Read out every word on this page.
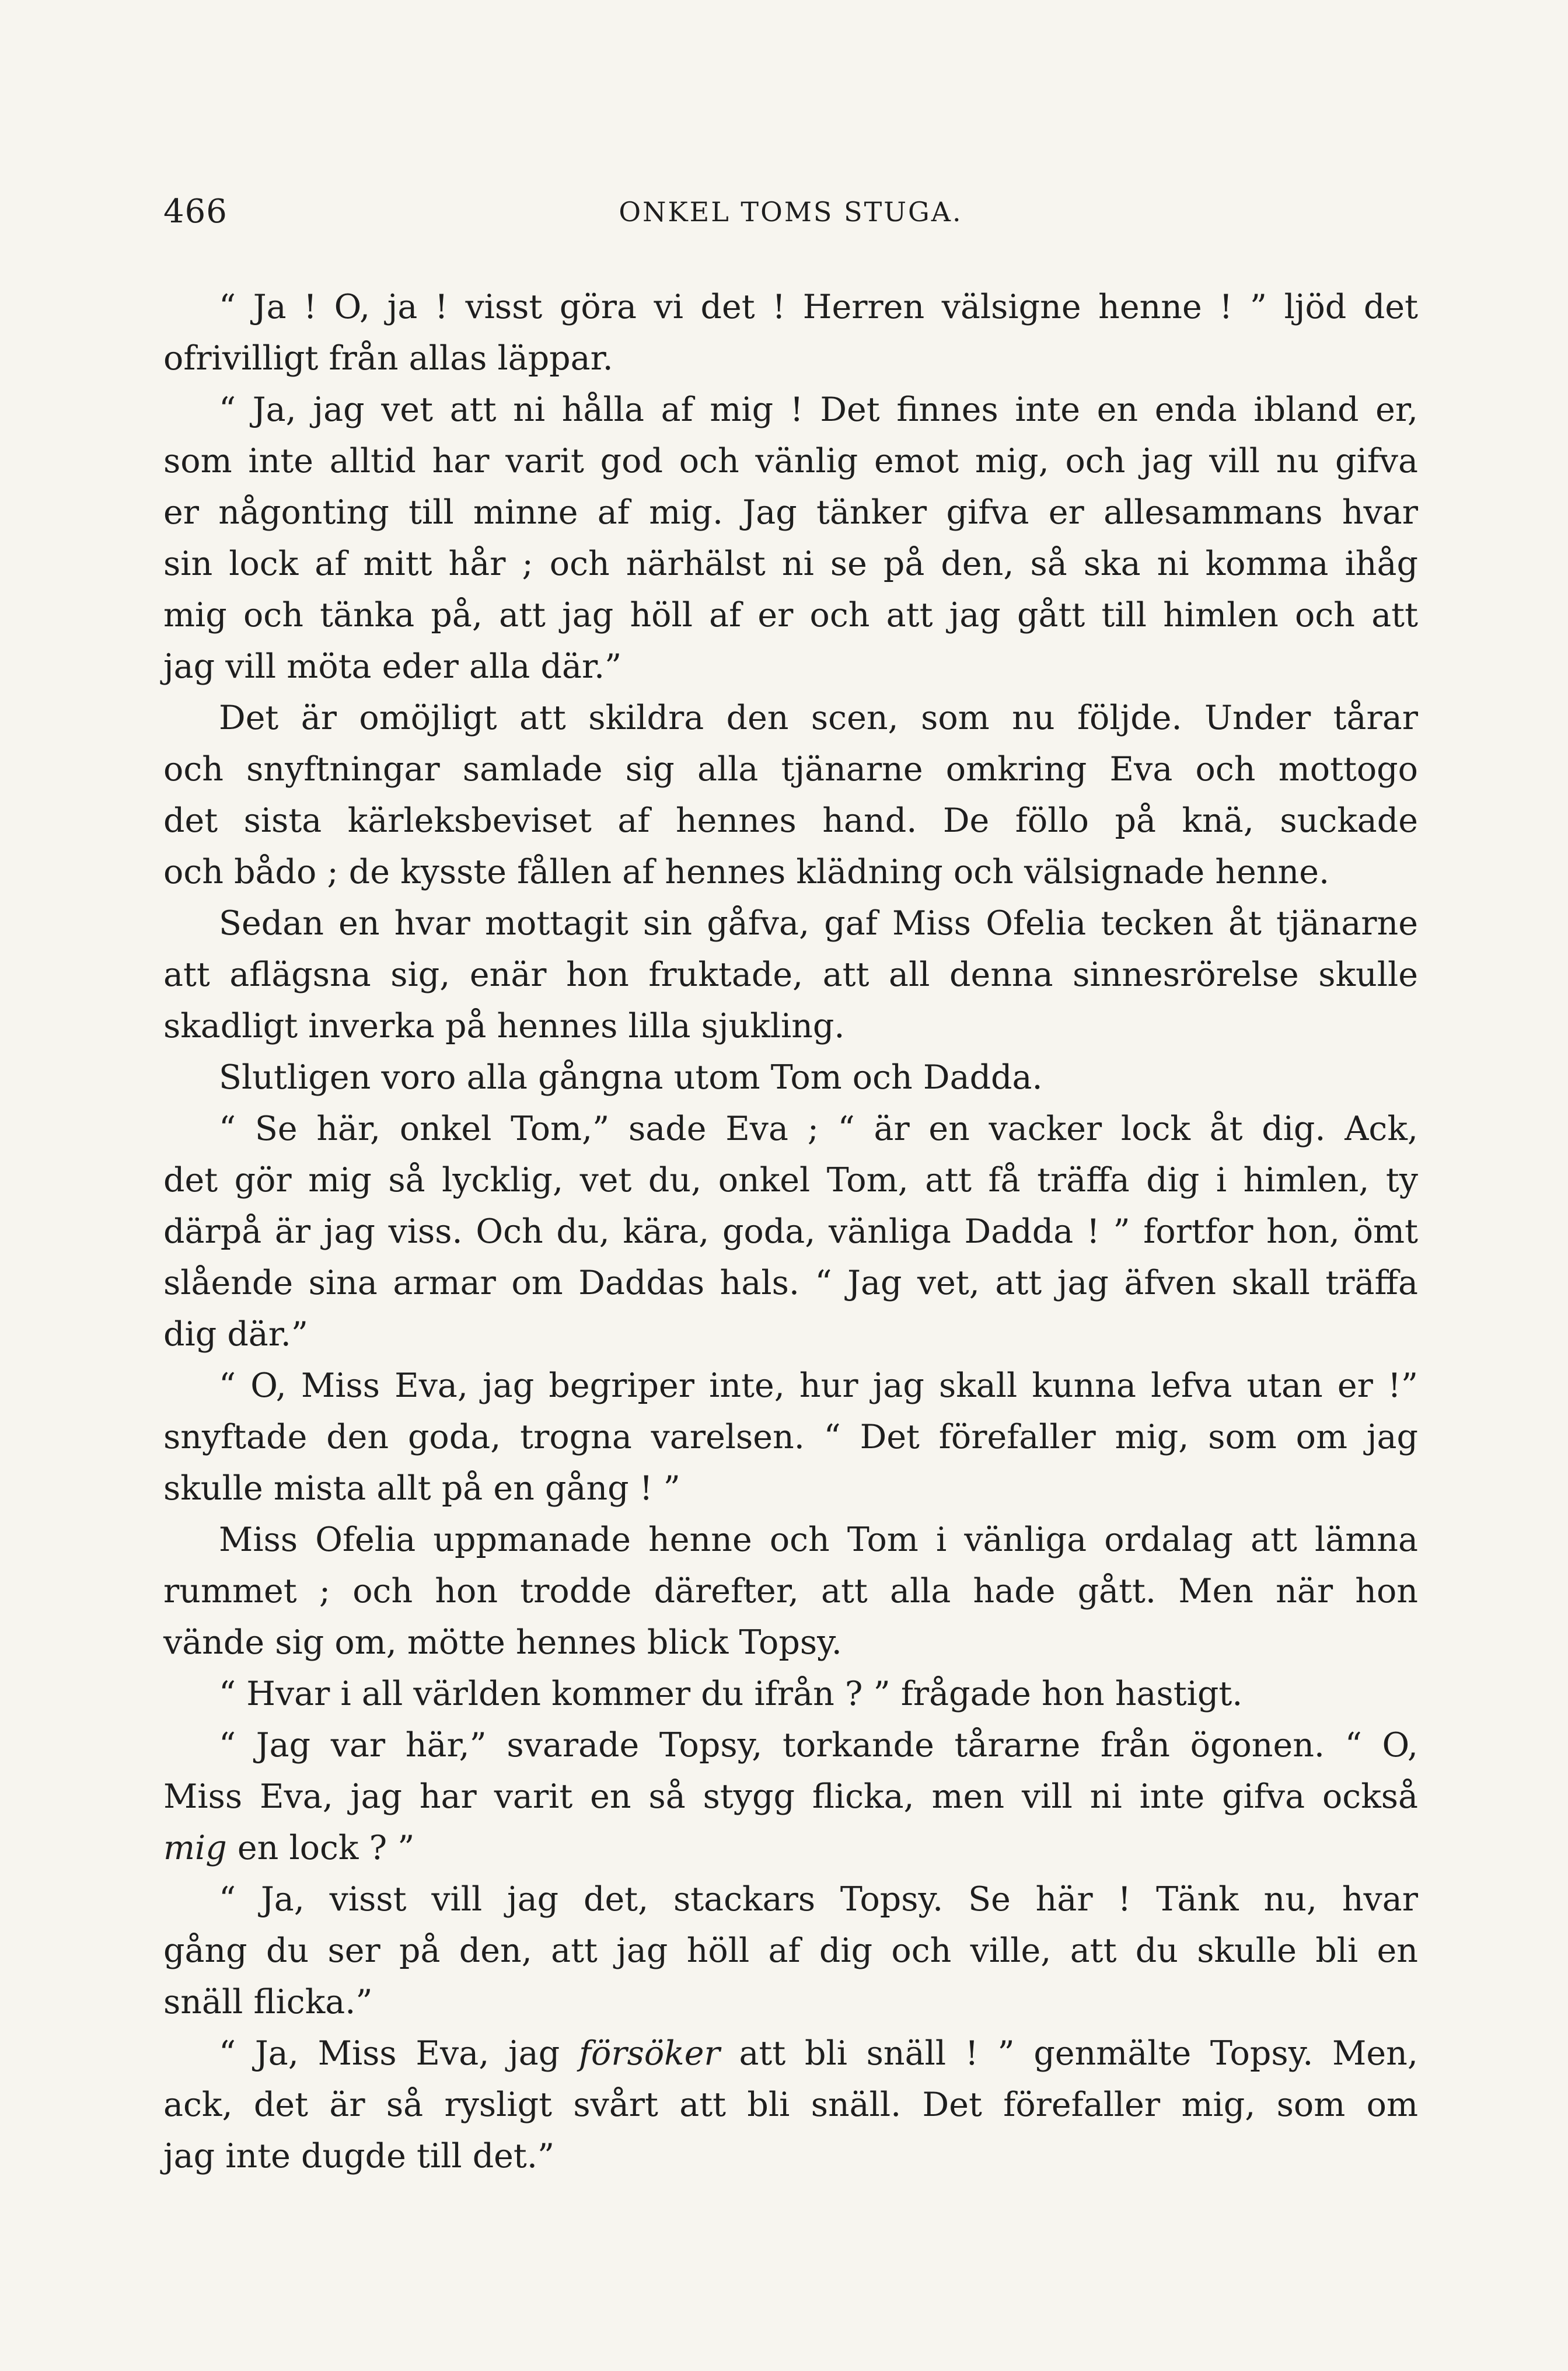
466	ONKEL TOMS STUGA.
“ Ja ! O, ja ! visst göra vi det ! Herren välsigne henne ! ” ljöd det
ofrivilligt från allas läppar.
“ Ja, jag vet att ni hålla af mig ! Det finnes inte en enda ibland er,
som inte alltid har varit god och vänlig emot mig, och jag vill nu gifva
er någonting till minne af mig. Jag tänker gifva er allesammans hvar
sin lock af mitt hår ; och närhälst ni se på den, så ska ni komma ihåg
mig och tänka på, att jag höll af er och att jag gått till himlen och att
jag vill möta eder alla där.”
Det är omöjligt att skildra den scen, som nu följde. Under tårar
och snyftningar samlade sig alla tjänarne omkring Eva och mottogo
det sista kärleksbeviset af hennes hand. De föllo på knä, suckade
och bådo ; de kysste fållen af hennes klädning och välsignade henne.
Sedan en hvar mottagit sin gåfva, gaf Miss Ofelia tecken åt tjänarne
att aflägsna sig, enär hon fruktade, att all denna sinnesrörelse skulle
skadligt inverka på hennes lilla sjukling.
Slutligen voro alla gångna utom Tom och Dadda.
“ Se här, onkel Tom,” sade Eva ; “ är en vacker lock åt dig. Ack,
det gör mig så lycklig, vet du, onkel Tom, att få träffa dig i himlen, ty
därpå är jag viss. Och du, kära, goda, vänliga Dadda ! ” fortfor hon, ömt
slående sina armar om Daddas hals. “ Jag vet, att jag äfven skall träffa
dig där.”
“ O, Miss Eva, jag begriper inte, hur jag skall kunna lefva utan er !”
snyftade den goda, trogna varelsen. “ Det förefaller mig, som om jag
skulle mista allt på en gång ! ”
Miss Ofelia uppmanade henne och Tom i vänliga ordalag att lämna
rummet ; och hon trodde därefter, att alla hade gått. Men när hon
vände sig om, mötte hennes blick Topsy.
“ Hvar i all världen kommer du ifrån ? ” frågade hon hastigt.
“ Jag var här,” svarade Topsy, torkande tårarne från ögonen. “ O,
Miss Eva, jag har varit en så stygg flicka, men vill ni inte gifva också
mig en lock ? ”
“ Ja, visst vill jag det, stackars Topsy. Se här ! Tänk nu, hvar
gång du ser på den, att jag höll af dig och ville, att du skulle bli en
snäll flicka.”
“ Ja, Miss Eva, jag försöker att bli snäll ! ” genmälte Topsy. Men,
ack, det är så rysligt svårt att bli snäll. Det förefaller mig, som om
jag inte dugde till det.”
